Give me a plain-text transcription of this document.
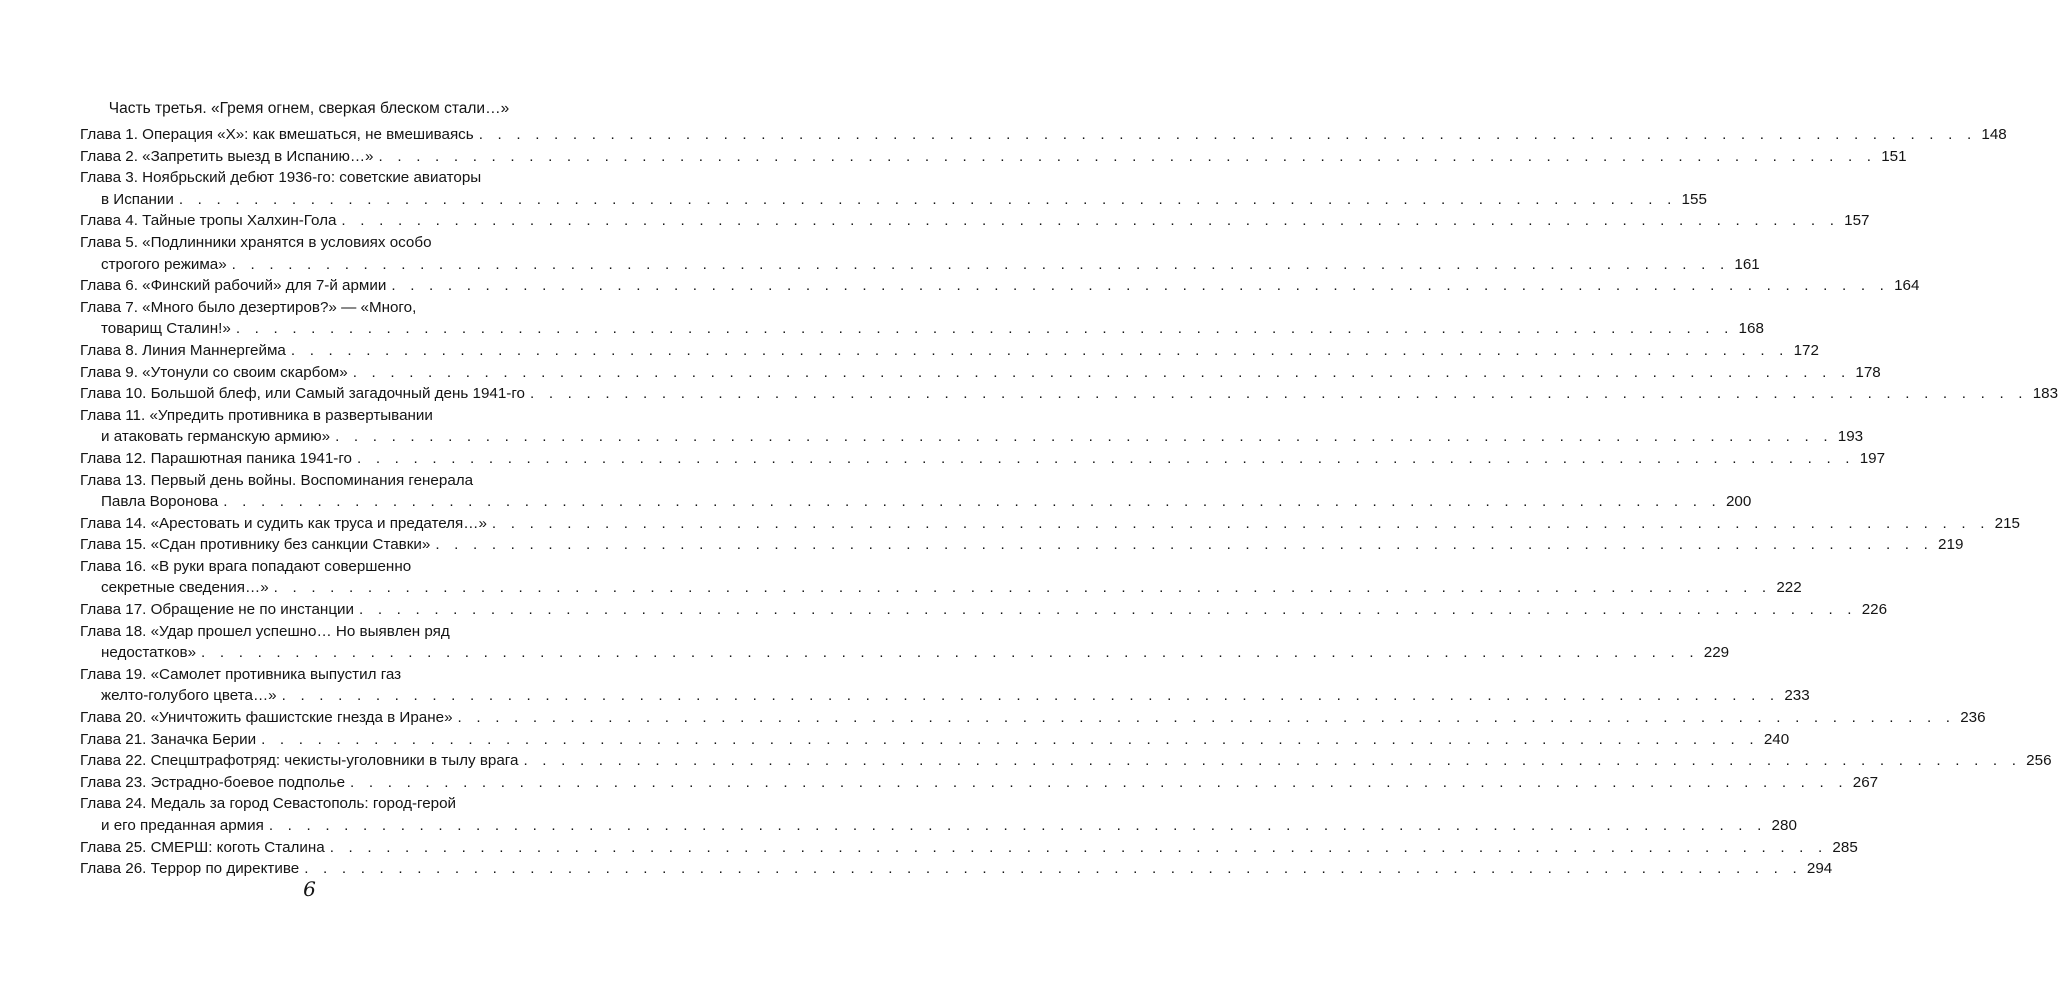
Часть третья. «Гремя огнем, сверкая блеском стали…»
Глава 1. Операция «Х»: как вмешаться, не вмешиваясь . . . . . . . . . . . . . . . . . . . . . . . . . . . . . . . . . . . . . . . . . . . . . . . . . . . . . . . . . . . . . . . . . . . . . . . . . . . . . . . . 148
Глава 2. «Запретить выезд в Испанию…» . . . . . . . . . . . . . . . . . . . . . . . . . . . . . . . . . . . . . . . . . . . . . . . . . . . . . . . . . . . . . . . . . . . . . . . . . . . . . . . . 151
Глава 3. Ноябрьский дебют 1936-го: советские авиаторы
в Испании . . . . . . . . . . . . . . . . . . . . . . . . . . . . . . . . . . . . . . . . . . . . . . . . . . . . . . . . . . . . . . . . . . . . . . . . . . . . . . . . 155
Глава 4. Тайные тропы Халхин-Гола . . . . . . . . . . . . . . . . . . . . . . . . . . . . . . . . . . . . . . . . . . . . . . . . . . . . . . . . . . . . . . . . . . . . . . . . . . . . . . . . 157
Глава 5. «Подлинники хранятся в условиях особо
строгого режима» . . . . . . . . . . . . . . . . . . . . . . . . . . . . . . . . . . . . . . . . . . . . . . . . . . . . . . . . . . . . . . . . . . . . . . . . . . . . . . . . 161
Глава 6. «Финский рабочий» для 7-й армии . . . . . . . . . . . . . . . . . . . . . . . . . . . . . . . . . . . . . . . . . . . . . . . . . . . . . . . . . . . . . . . . . . . . . . . . . . . . . . . . 164
Глава 7. «Много было дезертиров?» — «Много,
товарищ Сталин!» . . . . . . . . . . . . . . . . . . . . . . . . . . . . . . . . . . . . . . . . . . . . . . . . . . . . . . . . . . . . . . . . . . . . . . . . . . . . . . . . 168
Глава 8. Линия Маннергейма . . . . . . . . . . . . . . . . . . . . . . . . . . . . . . . . . . . . . . . . . . . . . . . . . . . . . . . . . . . . . . . . . . . . . . . . . . . . . . . . 172
Глава 9. «Утонули со своим скарбом» . . . . . . . . . . . . . . . . . . . . . . . . . . . . . . . . . . . . . . . . . . . . . . . . . . . . . . . . . . . . . . . . . . . . . . . . . . . . . . . . 178
Глава 10. Большой блеф, или Самый загадочный день 1941-го . . . . . . . . . . . . . . . . . . . . . . . . . . . . . . . . . . . . . . . . . . . . . . . . . . . . . . . . . . . . . . . . . . . . . . . . . . . . . . . . 183
Глава 11. «Упредить противника в развертывании
и атаковать германскую армию» . . . . . . . . . . . . . . . . . . . . . . . . . . . . . . . . . . . . . . . . . . . . . . . . . . . . . . . . . . . . . . . . . . . . . . . . . . . . . . . . 193
Глава 12. Парашютная паника 1941-го . . . . . . . . . . . . . . . . . . . . . . . . . . . . . . . . . . . . . . . . . . . . . . . . . . . . . . . . . . . . . . . . . . . . . . . . . . . . . . . . 197
Глава 13. Первый день войны. Воспоминания генерала
Павла Воронова . . . . . . . . . . . . . . . . . . . . . . . . . . . . . . . . . . . . . . . . . . . . . . . . . . . . . . . . . . . . . . . . . . . . . . . . . . . . . . . . 200
Глава 14. «Арестовать и судить как труса и предателя…» . . . . . . . . . . . . . . . . . . . . . . . . . . . . . . . . . . . . . . . . . . . . . . . . . . . . . . . . . . . . . . . . . . . . . . . . . . . . . . . . 215
Глава 15. «Сдан противнику без санкции Ставки» . . . . . . . . . . . . . . . . . . . . . . . . . . . . . . . . . . . . . . . . . . . . . . . . . . . . . . . . . . . . . . . . . . . . . . . . . . . . . . . . 219
Глава 16. «В руки врага попадают совершенно
секретные сведения…» . . . . . . . . . . . . . . . . . . . . . . . . . . . . . . . . . . . . . . . . . . . . . . . . . . . . . . . . . . . . . . . . . . . . . . . . . . . . . . . . 222
Глава 17. Обращение не по инстанции . . . . . . . . . . . . . . . . . . . . . . . . . . . . . . . . . . . . . . . . . . . . . . . . . . . . . . . . . . . . . . . . . . . . . . . . . . . . . . . . 226
Глава 18. «Удар прошел успешно… Но выявлен ряд
недостатков» . . . . . . . . . . . . . . . . . . . . . . . . . . . . . . . . . . . . . . . . . . . . . . . . . . . . . . . . . . . . . . . . . . . . . . . . . . . . . . . . 229
Глава 19. «Самолет противника выпустил газ
желто-голубого цвета…» . . . . . . . . . . . . . . . . . . . . . . . . . . . . . . . . . . . . . . . . . . . . . . . . . . . . . . . . . . . . . . . . . . . . . . . . . . . . . . . . 233
Глава 20. «Уничтожить фашистские гнезда в Иране» . . . . . . . . . . . . . . . . . . . . . . . . . . . . . . . . . . . . . . . . . . . . . . . . . . . . . . . . . . . . . . . . . . . . . . . . . . . . . . . . 236
Глава 21. Заначка Берии . . . . . . . . . . . . . . . . . . . . . . . . . . . . . . . . . . . . . . . . . . . . . . . . . . . . . . . . . . . . . . . . . . . . . . . . . . . . . . . . 240
Глава 22. Спецштрафотряд: чекисты-уголовники в тылу врага . . . . . . . . . . . . . . . . . . . . . . . . . . . . . . . . . . . . . . . . . . . . . . . . . . . . . . . . . . . . . . . . . . . . . . . . . . . . . . . . 256
Глава 23. Эстрадно-боевое подполье . . . . . . . . . . . . . . . . . . . . . . . . . . . . . . . . . . . . . . . . . . . . . . . . . . . . . . . . . . . . . . . . . . . . . . . . . . . . . . . . 267
Глава 24. Медаль за город Севастополь: город-герой
и его преданная армия . . . . . . . . . . . . . . . . . . . . . . . . . . . . . . . . . . . . . . . . . . . . . . . . . . . . . . . . . . . . . . . . . . . . . . . . . . . . . . . . 280
Глава 25. СМЕРШ: коготь Сталина . . . . . . . . . . . . . . . . . . . . . . . . . . . . . . . . . . . . . . . . . . . . . . . . . . . . . . . . . . . . . . . . . . . . . . . . . . . . . . . . 285
Глава 26. Террор по директиве . . . . . . . . . . . . . . . . . . . . . . . . . . . . . . . . . . . . . . . . . . . . . . . . . . . . . . . . . . . . . . . . . . . . . . . . . . . . . . . . 294
6
